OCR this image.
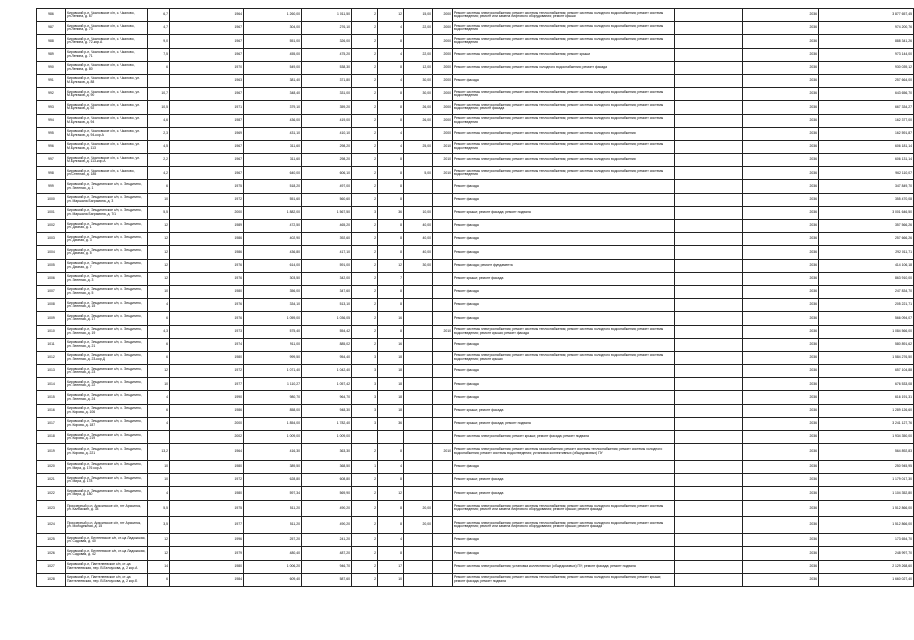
986	Кировский р-н, Чкаловское с/п, с. Чкалово, ул.Ленина, д. 67	6,7	1964	1 260,00	1 011,50	2	12	15,00	2000	Ремонт системы электроснабжения; ремонт системы теплоснабжения; ремонт системы холодного водоснабжения; ремонт системы водоотведения; ремонт или замена лифтового оборудования; ремонт крыши		2036	3 877 657,45
987	Кировский р-н, Чкаловское с/п, с. Чкалово, ул.Ленина, д. 73	4,7	1967	304,00	276,10	2	4	22,00	2000	Ремонт системы электроснабжения; ремонт системы теплоснабжения; ремонт системы холодного водоснабжения; ремонт системы водоотведения		2036	974 200,76
988	Кировский р-н, Чкаловское с/п, с. Чкалово, ул.Ленина, д. 72-кор.А	9,0	1967	551,00	326,00	2	8		2000	Ремонт системы электроснабжения; ремонт системы теплоснабжения; ремонт системы холодного водоснабжения; ремонт системы водоотведения		2036	888 341,26
989	Кировский р-н, Чкаловское с/п, с. Чкалово, ул.Ленина, д. 71	7,5	1967	455,00	475,20	2	4	22,00	2000	Ремонт системы электроснабжения; ремонт системы теплоснабжения; ремонт крыши		2036	973 144,00
990	Кировский р-н, Чкаловское с/п, с. Чкалово, ул.Ленина, д. 80	6	1970	549,00	538,30	2	8	12,00	2000	Ремонт системы электроснабжения; ремонт системы холодного водоснабжения; ремонт фасада		2036	930 039,12
991	Кировский р-н, Чкаловское с/п, с. Чкалово, ул. М.Булгаков, д. 88		1963	381,40	371,80	2	4	30,00	2000	Ремонт фасада		2036	257 664,00
992	Кировский р-н, Чкаловское с/п, с. Чкалово, ул. М.Булгаков, д. 90	10,7	1967	348,40	331,00	2	8	30,00	2000	Ремонт системы электроснабжения; ремонт системы теплоснабжения; ремонт системы холодного водоснабжения; ремонт системы водоотведения		2036	643 656,70
993	Кировский р-н, Чкаловское с/п, с. Чкалово, ул. М.Булгаков, д. 92	10,5	1971	379,10	359,20	2	8	26,00	2000	Ремонт системы электроснабжения; ремонт системы теплоснабжения; ремонт системы холодного водоснабжения; ремонт системы водоотведения; ремонт фасада		2036	667 334,27
994	Кировский р-н, Чкаловское с/п, с. Чкалово, ул. М.Булгаков, д. 94	4,6	1987	436,00	419,00	2	8	26,00	2000	Ремонт системы электроснабжения; ремонт системы теплоснабжения; ремонт системы холодного водоснабжения; ремонт системы водоотведения		2036	162 377,00
995	Кировский р-н, Чкаловское с/п, с. Чкалово, ул. М.Булгаков, д. 94-кор.А	2,3	1969	431,10	410,10	2	4		2000	Ремонт системы электроснабжения; ремонт системы теплоснабжения; ремонт системы холодного водоснабжения		2036	162 591,87
996	Кировский р-н, Чкаловское с/п, с. Чкалово, ул. М.Булгаков, д. 113	4,5	1967	311,60	298,20	2	4	25,00	2010	Ремонт системы электроснабжения; ремонт системы теплоснабжения; ремонт системы холодного водоснабжения; ремонт системы водоотведения		2036	606 181,14
997	Кировский р-н, Чкаловское с/п, с. Чкалово, ул. М.Булгаков, д. 113-кор.А	2,2	1967	311,60	298,20	2	8		2010	Ремонт системы электроснабжения; ремонт системы теплоснабжения; ремонт системы холодного водоснабжения		2036	606 131,14
998	Кировский р-н, Чкаловское с/п, с. Чкалово, ул.Степная, д. 185	4,2	1967	640,00	606,10	2	8	5,00	2010	Ремонт системы электроснабжения; ремонт системы теплоснабжения; ремонт системы холодного водоснабжения; ремонт системы водоотведения		2036	962 110,07
999	Кировский р-н, Эльдигинское с/п, с. Эльдигино, ул. Зеленая, д. 1	6	1975	518,20	497,00	2	8			Ремонт фасада		2036	347 849,70
1000	Кировский р-н, Эльдигинское с/п, с. Эльдигино, ул. Маршала Баграмяна, д. 3	10	1972	551,60	560,60	2	8			Ремонт фасада		2036	355 470,08
1001	Кировский р-н, Эльдигинское с/п, с. Эльдигино, ул. Маршала Баграмяна, д. 7/1	5,5	2000	1 882,00	1 567,50	3	36	10,00		Ремонт крыши; ремонт фасада; ремонт подвала		2036	3 001 646,50
1002	Кировский р-н, Эльдигинское с/п, с. Эльдигино, ул. Дачная, д. 1	12	1989	472,50	465,20	2	8	40,00		Ремонт фасада		2036	357 566,26
1003	Кировский р-н, Эльдигинское с/п, с. Эльдигино, ул. Дачная, д. 3	12	1986	402,90	392,60	2	8	40,00		Ремонт фасада		2036	257 666,26
1004	Кировский р-н, Эльдигинское с/п, с. Эльдигино, ул. Дачная, д. 5	12	1986	436,80	417,10	2	8	40,00		Ремонт фасада		2036	292 011,71
1005	Кировский р-н, Эльдигинское с/п, с. Эльдигино, ул. Дачная, д. 7	12	1976	614,00	591,00	2	12	30,00		Ремонт фасада; ремонт фундамента		2036	414 106,18
1006	Кировский р-н, Эльдигинское с/п, с. Эльдигино, ул. Зеленая, д. 3	12	1976	303,50	342,00	2	7			Ремонт крыши; ремонт фасада		2036	863 910,00
1007	Кировский р-н, Эльдигинское с/п, с. Эльдигино, ул. Зеленая, д. 5	10	1980	356,00	347,60	2	8			Ремонт фасада		2036	247 834,70
1008	Кировский р-н, Эльдигинское с/п, с. Эльдигино, ул. Зеленая, д. 15	4	1976	334,10	513,10	2	8			Ремонт фасада		2036	205 221,71
1009	Кировский р-н, Эльдигинское с/п, с. Эльдигино, ул. Зеленая, д. 17	6	1976	1 059,00	1 036,05	2	16			Ремонт фасада		2036	566 094,07
1010	Кировский р-н, Эльдигинское с/п, с. Эльдигино, ул. Зеленая, д. 19	4,3	1973	575,40	554,42	2	8		2010	Ремонт системы электроснабжения; ремонт системы теплоснабжения; ремонт системы холодного водоснабжения; ремонт системы водоотведения; ремонт крыши; ремонт фасада		2036	1 084 566,00
1011	Кировский р-н, Эльдигинское с/п, с. Эльдигино, ул. Зеленая, д. 21	6	1974	911,00	885,02	2	16			Ремонт фасада		2036	580 891,62
1012	Кировский р-н, Эльдигинское с/п, с. Эльдигино, ул. Зеленая, д. 23-кор.Д	6	1980	999,50	954,40	3	18			Ремонт системы электроснабжения; ремонт системы теплоснабжения; ремонт системы холодного водоснабжения; ремонт системы водоотведения; ремонт крыши		2036	1 584 276,50
1013	Кировский р-н, Эльдигинское с/п, с. Эльдигино, ул. Зеленая, д. 23	12	1972	1 071,40	1 042,40	3	18			Ремонт фасада		2036	657 104,88
1014	Кировский р-н, Эльдигинское с/п, с. Эльдигино, ул. Зеленая, д. 22	10	1977	1 110,27	1 057,42	3	18			Ремонт фасада		2036	676 533,08
1015	Кировский р-н, Эльдигинское с/п, с. Эльдигино, ул. Зеленая, д. 24	4	1990	980,70	964,70	3	18			Ремонт фасада		2036	616 191,31
1016	Кировский р-н, Эльдигинское с/п, с. Эльдигино, ул. Кирова, д. 106	6	1986	858,00	948,30	3	18			Ремонт крыши; ремонт фасада		2036	1 289 126,60
1017	Кировский р-н, Эльдигинское с/п, с. Эльдигино, ул. Кирова, д. 187	4	2000	1 854,00	1 782,40	3	36			Ремонт крыши; ремонт фасада; ремонт подвала		2036	3 241 127,76
1018	Кировский р-н, Эльдигинское с/п, с. Эльдигино, ул. Кирова, д. 219		2002	1 009,00	1 009,00					Ремонт системы электроснабжения; ремонт крыши; ремонт фасада; ремонт подвала		2036	1 934 350,00
1019	Кировский р-н, Эльдигинское с/п, с. Эльдигино, ул. Кирова, д. 221	13,2	1964	416,30	363,30	2	8		2010	Ремонт системы электроснабжения; ремонт системы газоснабжения; ремонт системы теплоснабжения; ремонт системы холодного водоснабжения; ремонт системы водоотведения; установка коллективных (общедомовых) ПУ		2036	564 892,83
1020	Кировский р-н, Эльдигинское с/п, с. Эльдигино, ул. Мира, д. 176 кор.А	10	1980	389,50	368,50	1	4			Ремонт фасада		2036	250 945,95
1021	Кировский р-н, Эльдигинское с/п, с. Эльдигино, ул. Мира, д. 178	10	1972	628,80	608,80	2	8			Ремонт крыши; ремонт фасада		2036	1 179 017,30
1022	Кировский р-н, Эльдигинское с/п, с. Эльдигино, ул. Мира, д. 180	4	1980	597,34	569,90	2	12			Ремонт крыши; ремонт фасада		2036	1 104 352,80
1023	Приозерный р-н, Арясинское с/п, пгт Арясинск, ул. Калбаскин, д. 34	5,5	1975	511,20	490,20	2	8	20,00		Ремонт системы электроснабжения; ремонт системы теплоснабжения; ремонт системы холодного водоснабжения; ремонт системы водоотведения; ремонт или замена лифтового оборудования; ремонт крыши; ремонт фасада		2036	1 512 866,00
1024	Приозерный р-н, Арясинское с/п, пгт Арясинск, ул. Молодежная, д. 15	3,5	1977	511,20	490,20	2	8	20,00		Ремонт системы электроснабжения; ремонт системы теплоснабжения; ремонт системы холодного водоснабжения; ремонт системы водоотведения; ремонт или замена лифтового оборудования; ремонт крыши; ремонт фасада		2036	1 512 866,00
1025	Кировский р-н, Бехтеевское с/п, ст-ца Ладожская, ул. Садовая, д. 40	12	1996	257,20	241,20	2	4			Ремонт фасада		2036	173 654,70
1026	Кировский р-н, Бехтеевское с/п, ст-ца Ладожская, ул. Садовая, д. 42	12	1979	480,40	487,20	2	8			Ремонт фасада		2036	248 997,70
1027	Кировский р-н, Пантелеевское с/п, ст-ца Пантелеевская, пер. В.Белоусова, д. 2 кор.А	14	1980	1 006,20	946,70	2	17			Ремонт системы электроснабжения; установка коллективных (общедомовых) ПУ; ремонт фасада; ремонт подвала		2036	2 129 268,60
1028	Кировский р-н, Пантелеевское с/п, ст-ца Пантелеевская, пер. В.Белоусова, д. 2 кор.Б	6	1984	609,40	587,60	2	10			Ремонт системы электроснабжения; ремонт системы теплоснабжения; ремонт системы холодного водоснабжения; ремонт крыши; ремонт фасада; ремонт подвала		2036	1 660 027,40
